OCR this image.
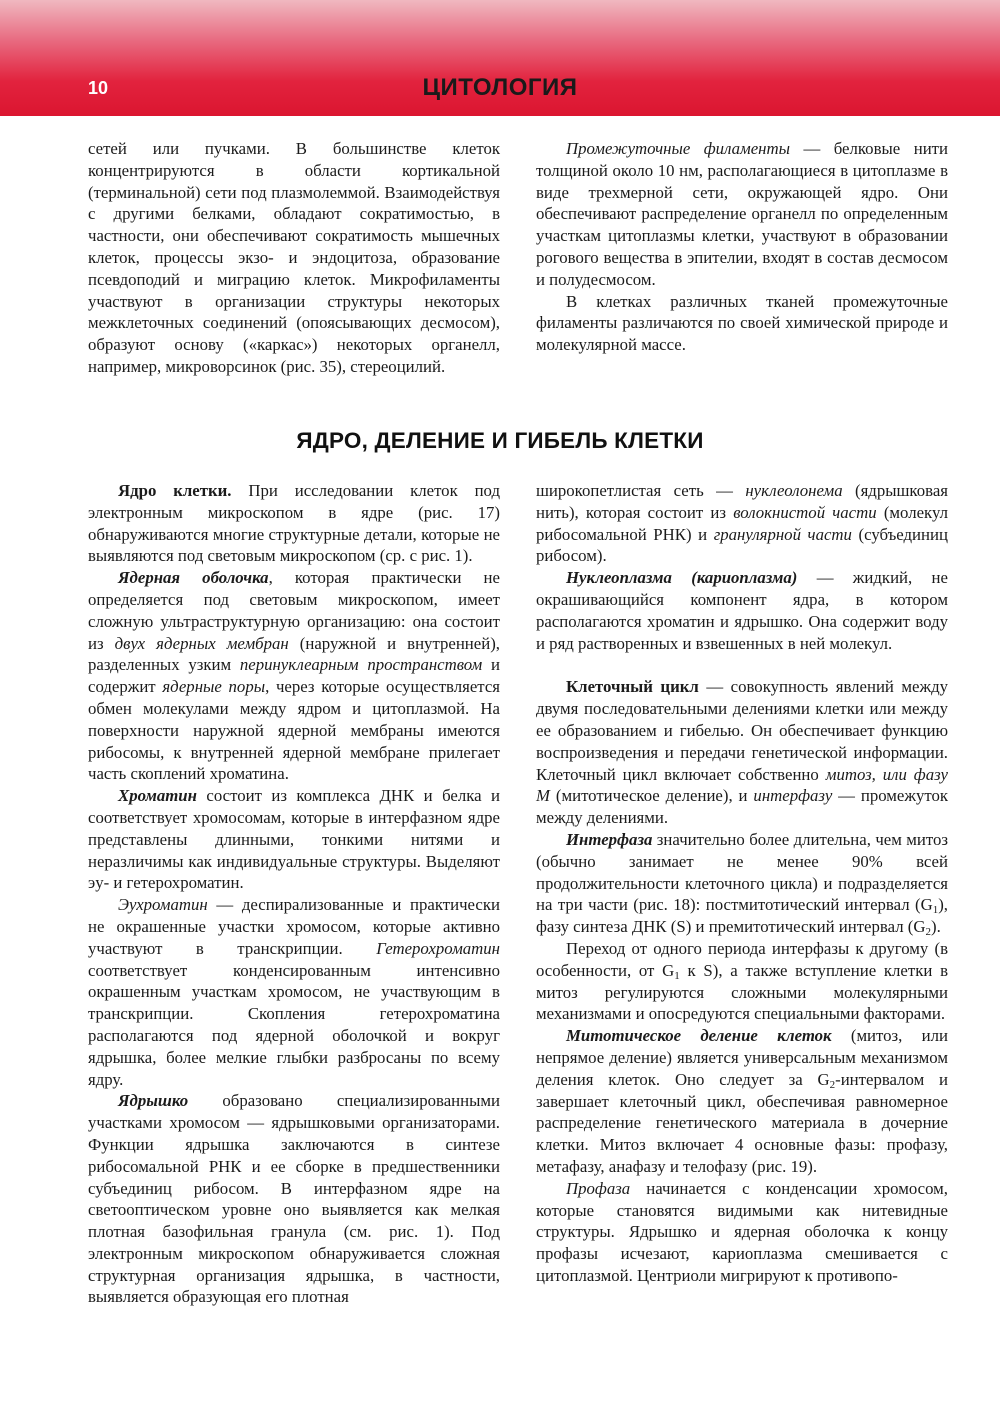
10	ЦИТОЛОГИЯ

сетей или пучками. В большинстве клеток концентрируются в области кортикальной (терминальной) сети под плазмолеммой. Взаимодействуя с другими белками, обладают сократимостью, в частности, они обеспечивают сократимость мышечных клеток, процессы экзо- и эндоцитоза, образование псевдоподий и миграцию клеток. Микрофиламенты участвуют в организации структуры некоторых межклеточных соединений (опоясывающих десмосом), образуют основу («каркас») некоторых органелл, например, микроворсинок (рис. 35), стереоцилий.

Промежуточные филаменты — белковые нити толщиной около 10 нм, располагающиеся в цитоплазме в виде трехмерной сети, окружающей ядро. Они обеспечивают распределение органелл по определенным участкам цитоплазмы клетки, участвуют в образовании рогового вещества в эпителии, входят в состав десмосом и полудесмосом.

В клетках различных тканей промежуточные филаменты различаются по своей химической природе и молекулярной массе.

ЯДРО, ДЕЛЕНИЕ И ГИБЕЛЬ КЛЕТКИ

Ядро клетки. При исследовании клеток под электронным микроскопом в ядре (рис. 17) обнаруживаются многие структурные детали, которые не выявляются под световым микроскопом (ср. с рис. 1).

Ядерная оболочка, которая практически не определяется под световым микроскопом, имеет сложную ультраструктурную организацию: она состоит из двух ядерных мембран (наружной и внутренней), разделенных узким перинуклеарным пространством и содержит ядерные поры, через которые осуществляется обмен молекулами между ядром и цитоплазмой. На поверхности наружной ядерной мембраны имеются рибосомы, к внутренней ядерной мембране прилегает часть скоплений хроматина.

Хроматин состоит из комплекса ДНК и белка и соответствует хромосомам, которые в интерфазном ядре представлены длинными, тонкими нитями и неразличимы как индивидуальные структуры. Выделяют эу- и гетерохроматин.

Эухроматин — деспирализованные и практически не окрашенные участки хромосом, которые активно участвуют в транскрипции. Гетерохроматин соответствует конденсированным интенсивно окрашенным участкам хромосом, не участвующим в транскрипции. Скопления гетерохроматина располагаются под ядерной оболочкой и вокруг ядрышка, более мелкие глыбки разбросаны по всему ядру.

Ядрышко образовано специализированными участками хромосом — ядрышковыми организаторами. Функции ядрышка заключаются в синтезе рибосомальной РНК и ее сборке в предшественники субъединиц рибосом. В интерфазном ядре на светооптическом уровне оно выявляется как мелкая плотная базофильная гранула (см. рис. 1). Под электронным микроскопом обнаруживается сложная структурная организация ядрышка, в частности, выявляется образующая его плотная

широкопетлистая сеть — нуклеолонема (ядрышковая нить), которая состоит из волокнистой части (молекул рибосомальной РНК) и гранулярной части (субъединиц рибосом).

Нуклеоплазма (кариоплазма) — жидкий, не окрашивающийся компонент ядра, в котором располагаются хроматин и ядрышко. Она содержит воду и ряд растворенных и взвешенных в ней молекул.

Клеточный цикл — совокупность явлений между двумя последовательными делениями клетки или между ее образованием и гибелью. Он обеспечивает функцию воспроизведения и передачи генетической информации. Клеточный цикл включает собственно митоз, или фазу М (митотическое деление), и интерфазу — промежуток между делениями.

Интерфаза значительно более длительна, чем митоз (обычно занимает не менее 90% всей продолжительности клеточного цикла) и подразделяется на три части (рис. 18): постмитотический интервал $(G_1)$, фазу синтеза ДНК (S) и премитотический интервал $(G_2)$.

Переход от одного периода интерфазы к другому (в особенности, от $G_1$ к S), а также вступление клетки в митоз регулируются сложными молекулярными механизмами и опосредуются специальными факторами.

Митотическое деление клеток (митоз, или непрямое деление) является универсальным механизмом деления клеток. Оно следует за $G_2$-интервалом и завершает клеточный цикл, обеспечивая равномерное распределение генетического материала в дочерние клетки. Митоз включает 4 основные фазы: профазу, метафазу, анафазу и телофазу (рис. 19).

Профаза начинается с конденсации хромосом, которые становятся видимыми как нитевидные структуры. Ядрышко и ядерная оболочка к концу профазы исчезают, кариоплазма смешивается с цитоплазмой. Центриоли мигрируют к противопо-
